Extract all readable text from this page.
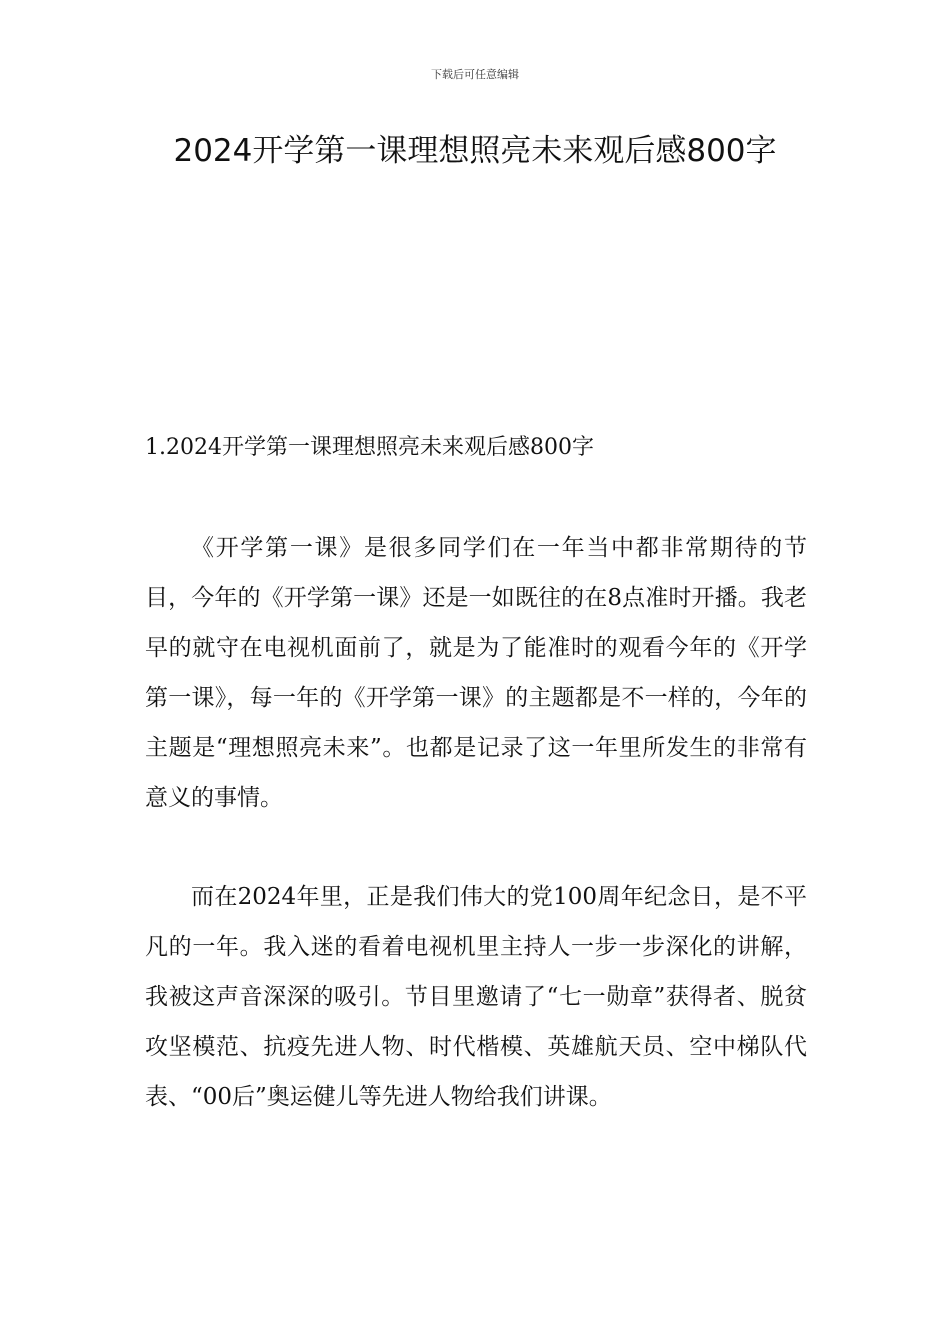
下载后可任意编辑
2024开学第一课理想照亮未来观后感800字
1.2024开学第一课理想照亮未来观后感800字

《开学第一课》是很多同学们在一年当中都非常期待的节目，今年的《开学第一课》还是一如既往的在8点准时开播。我老早的就守在电视机面前了，就是为了能准时的观看今年的《开学第一课》，每一年的《开学第一课》的主题都是不一样的，今年的主题是“理想照亮未来”。也都是记录了这一年里所发生的非常有意义的事情。

而在2024年里，正是我们伟大的党100周年纪念日，是不平凡的一年。我入迷的看着电视机里主持人一步一步深化的讲解，我被这声音深深的吸引。节目里邀请了“七一勋章”获得者、脱贫攻坚模范、抗疫先进人物、时代楷模、英雄航天员、空中梯队代表、“00后”奥运健儿等先进人物给我们讲课。
